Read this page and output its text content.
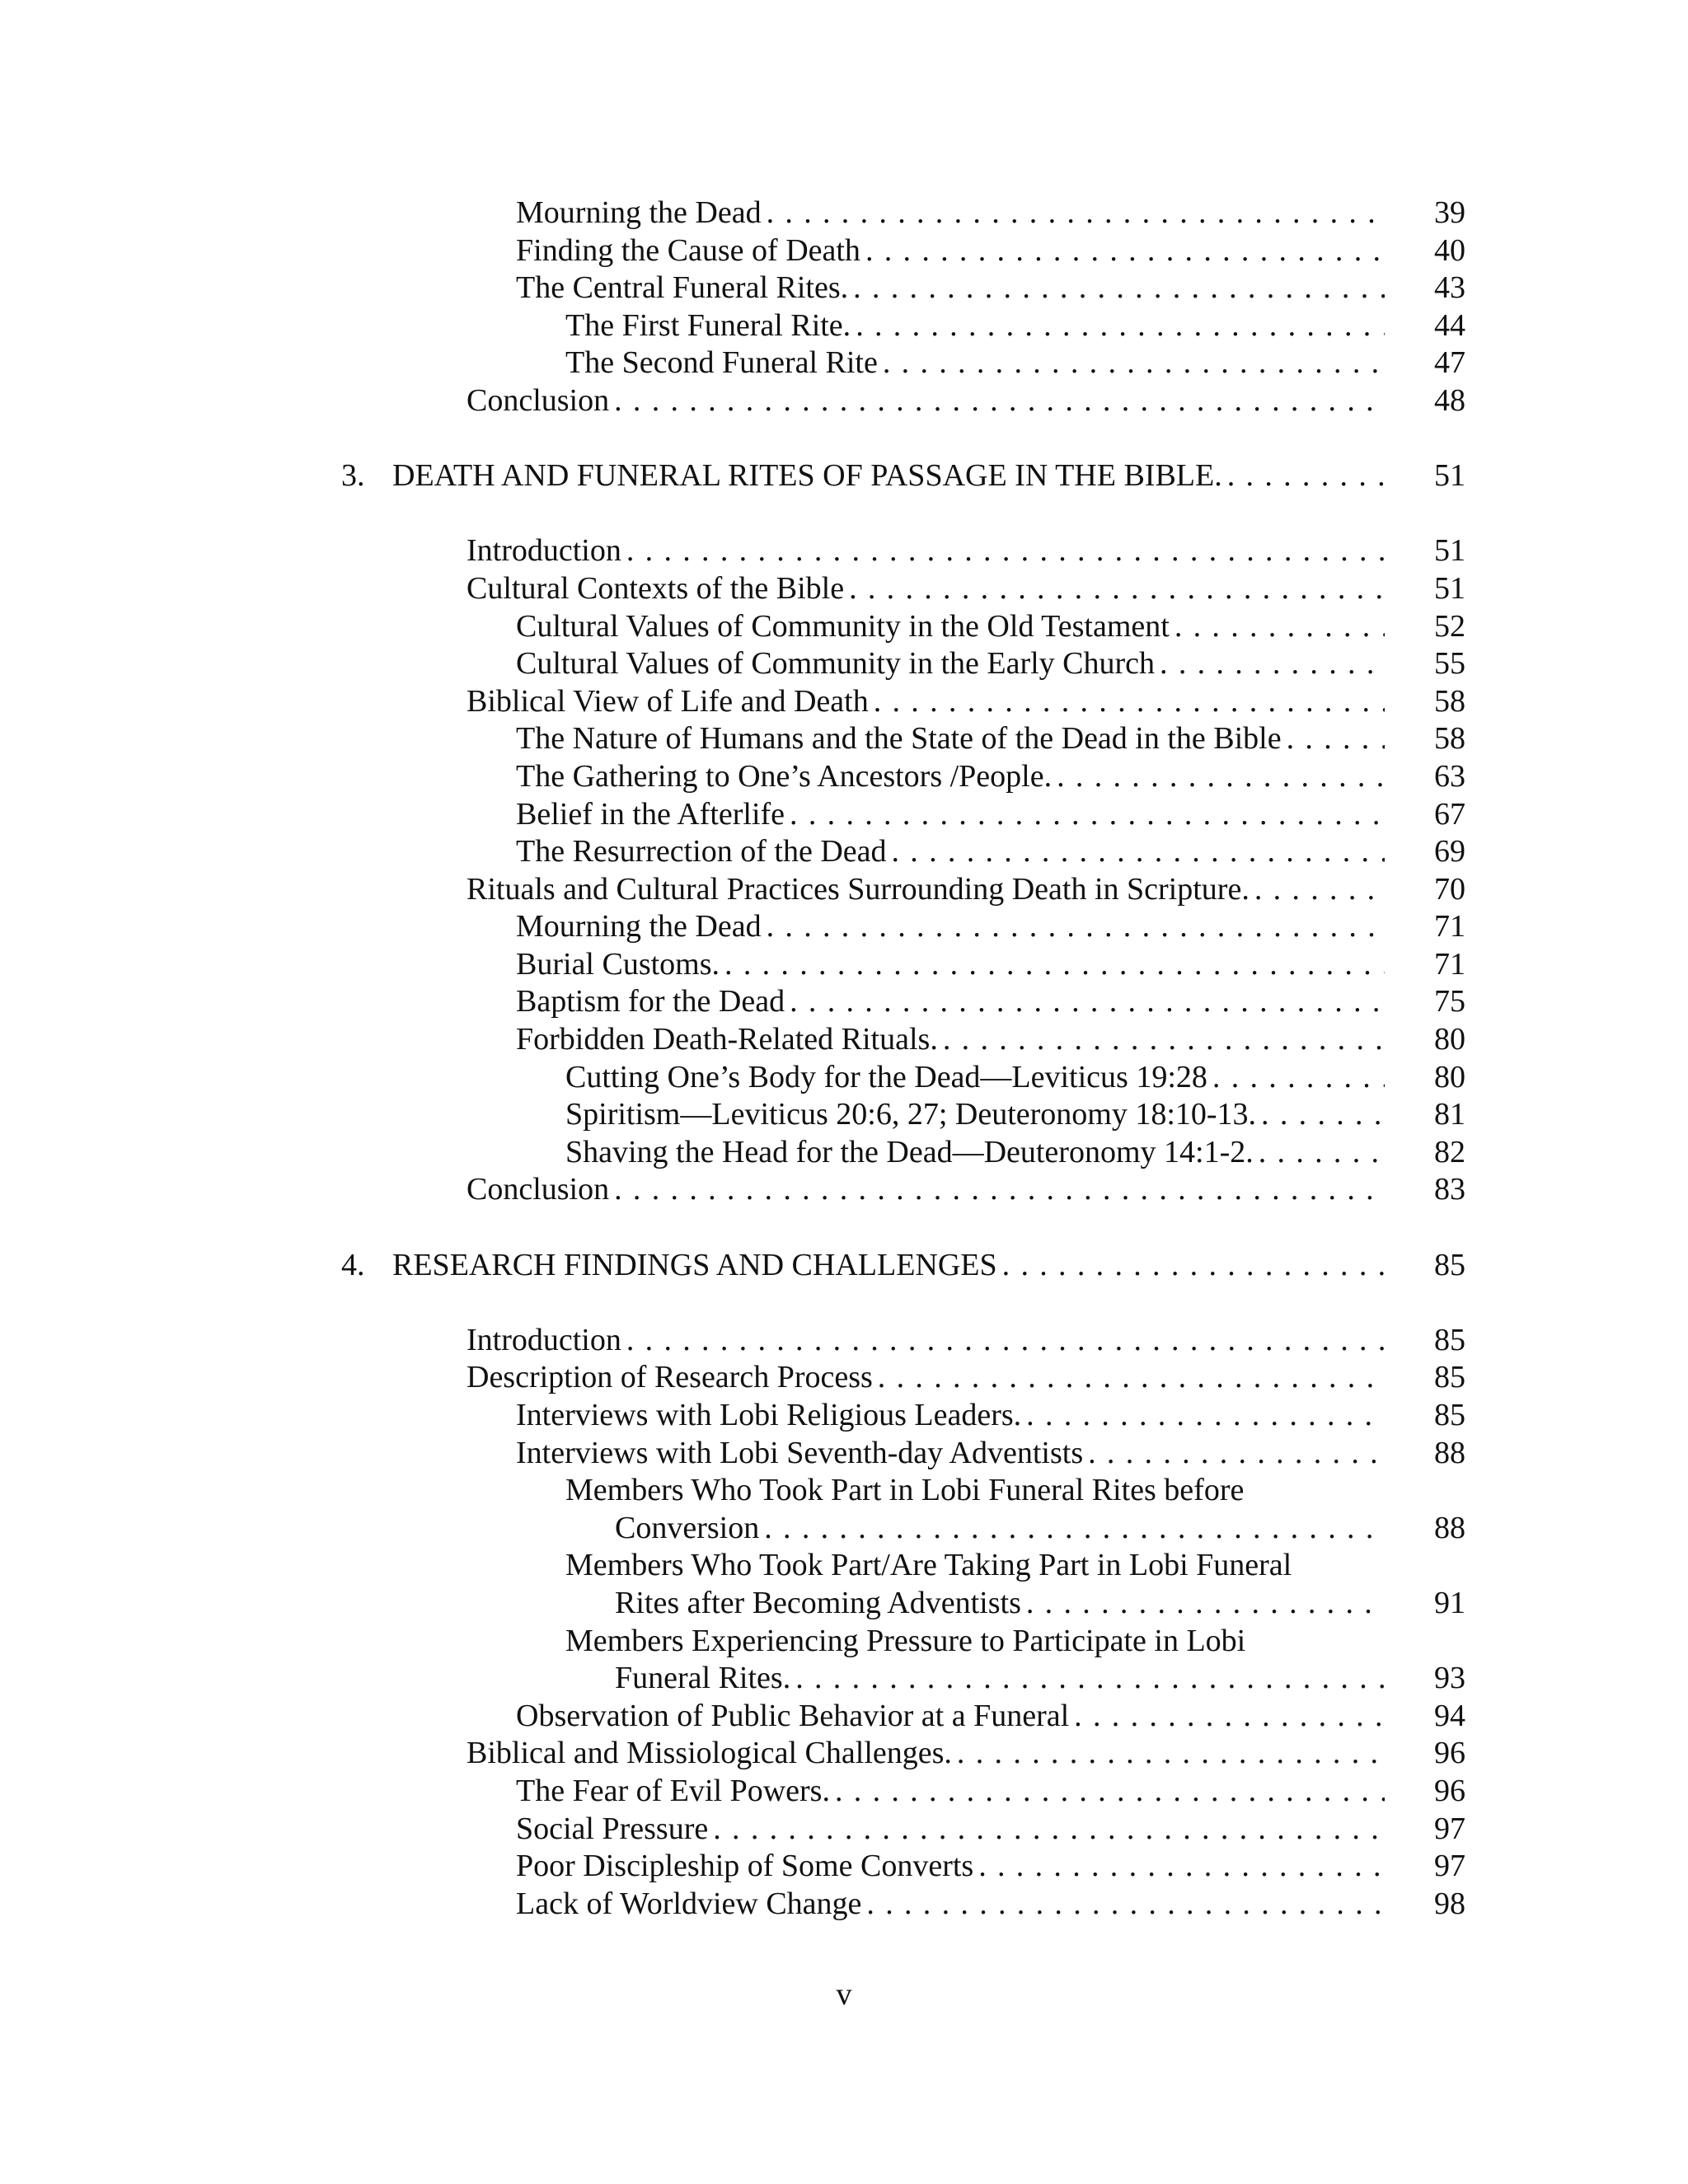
Mourning the Dead . . .	39
Finding the Cause of Death . . .	40
The Central Funeral Rites. . . .	43
The First Funeral Rite. . . .	44
The Second Funeral Rite . . .	47
Conclusion . . .	48
3. DEATH AND FUNERAL RITES OF PASSAGE IN THE BIBLE. . . .	51
Introduction . . .	51
Cultural Contexts of the Bible . . .	51
Cultural Values of Community in the Old Testament . . .	52
Cultural Values of Community in the Early Church . . .	55
Biblical View of Life and Death . . .	58
The Nature of Humans and the State of the Dead in the Bible . . .	58
The Gathering to One’s Ancestors /People. . . .	63
Belief in the Afterlife . . .	67
The Resurrection of the Dead . . .	69
Rituals and Cultural Practices Surrounding Death in Scripture. . . .	70
Mourning the Dead . . .	71
Burial Customs. . . .	71
Baptism for the Dead . . .	75
Forbidden Death-Related Rituals. . . .	80
Cutting One’s Body for the Dead—Leviticus 19:28 . . .	80
Spiritism—Leviticus 20:6, 27; Deuteronomy 18:10-13. . . .	81
Shaving the Head for the Dead—Deuteronomy 14:1-2. . . .	82
Conclusion . . .	83
4. RESEARCH FINDINGS AND CHALLENGES . . .	85
Introduction . . .	85
Description of Research Process . . .	85
Interviews with Lobi Religious Leaders. . . .	85
Interviews with Lobi Seventh-day Adventists . . .	88
Members Who Took Part in Lobi Funeral Rites before
Conversion . . .	88
Members Who Took Part/Are Taking Part in Lobi Funeral
Rites after Becoming Adventists . . .	91
Members Experiencing Pressure to Participate in Lobi
Funeral Rites. . . .	93
Observation of Public Behavior at a Funeral . . .	94
Biblical and Missiological Challenges. . . .	96
The Fear of Evil Powers. . . .	96
Social Pressure . . .	97
Poor Discipleship of Some Converts . . .	97
Lack of Worldview Change . . .	98
v
